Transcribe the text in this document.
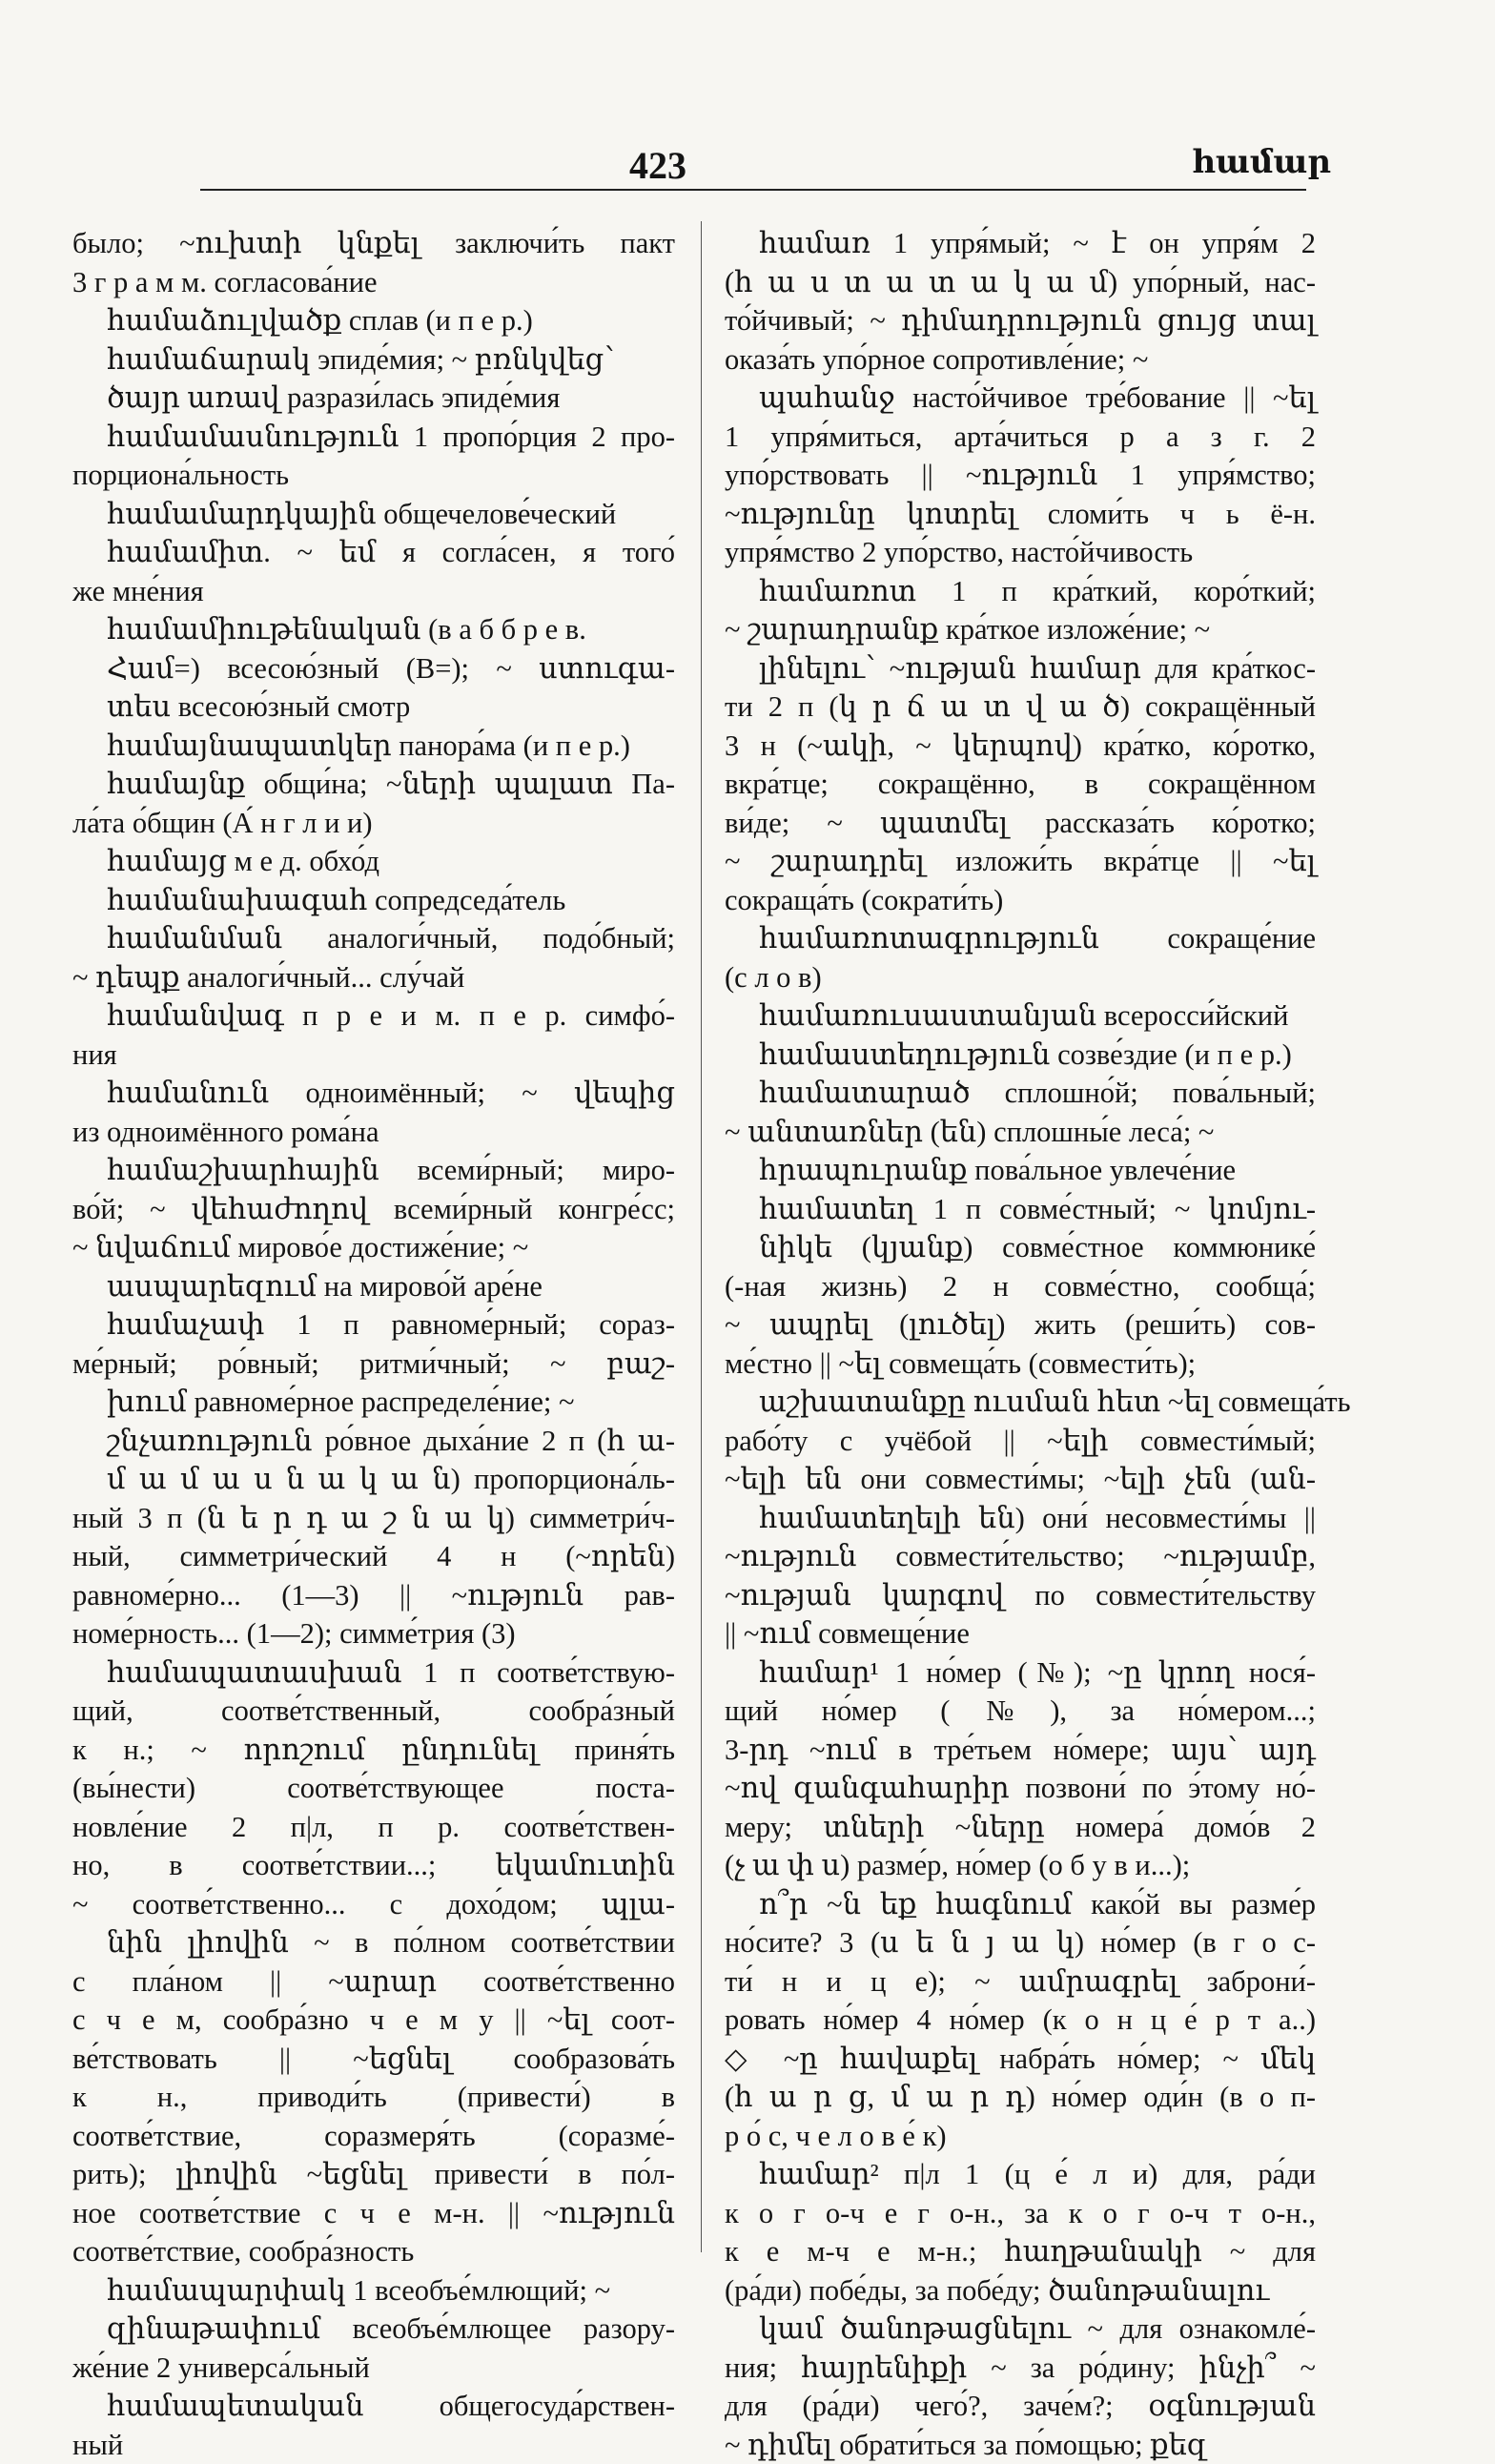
423	համար
было; ~ուխտի կնքել заключи́ть пакт
3 г р а м м. согласова́ние
համաձուլվածք сплав (и п е р.)
համաճարակ эпиде́мия; ~ բռնկվեց՝
ծայր առավ разрази́лась эпиде́мия
համամասնություն 1 пропо́рция 2 про-
порциона́льность
համամարդկային общечелове́ческий
համամիտ. ~ եմ я согла́сен, я того́
же мне́ния
համամիութենական (в а б б р е в.
Համ=) всесою́зный (В=); ~ ստուգա-
տես всесою́зный смотр
համայնապատկեր панора́ма (и п е р.)
համայնք общи́на; ~ների պալատ Па-
ла́та о́бщин (А́ н г л и и)
համայց м е д. обхо́д
համանախագահ сопредседа́тель
համանման аналоги́чный, подо́бный;
~ դեպք аналоги́чный... слу́чай
համանվագ п р е и м. п е р. симфо́-
ния
համանուն одноимённый; ~ վեպից
из одноимённого рома́на
համաշխարհային всеми́рный; миро-
во́й; ~ վեհաժողով всеми́рный конгре́сс;
~ նվաճում мирово́е достиже́ние; ~
ասպարեզում на мирово́й аре́не
համաչափ 1 п равноме́рный; сораз-
ме́рный; ро́вный; ритми́чный; ~ բաշ-
խում равноме́рное распределе́ние; ~
շնչառություն ро́вное дыха́ние 2 п (հ ա-
մ ա մ ա ս ն ա կ ա ն) пропорциона́ль-
ный 3 п (ն ե ր դ ա շ ն ա կ) симметри́ч-
ный, симметри́ческий 4 н (~որեն)
равноме́рно... (1—3) || ~ություն рав-
номе́рность... (1—2); симме́трия (3)
համապատասխան 1 п соотве́тствую-
щий, соотве́тственный, сообра́зный
к н.; ~ որոշում ընդունել приня́ть
(вы́нести) соотве́тствующее поста-
новле́ние 2 п|л, п р. соотве́тствен-
но, в соотве́тствии...; եկամուտին
~ соотве́тственно... с дохо́дом; պլա-
նին լիովին ~ в по́лном соотве́тствии
с пла́ном || ~արար соотве́тственно
с ч е м, сообра́зно ч е м у || ~ել соот-
ве́тствовать || ~եցնել сообразова́ть
к н., приводи́ть (привести́) в
соотве́тствие, соразмеря́ть (соразме́-
рить); լիովին ~եցնել привести́ в по́л-
ное соотве́тствие с ч е м-н. || ~ություն
соотве́тствие, сообра́зность
համապարփակ 1 всеобъе́млющий; ~
զինաթափում всеобъе́млющее разору-
же́ние 2 универса́льный
համապետական общегосуда́рствен-
ный
համառ 1 упря́мый; ~ է он упря́м 2
(հ ա ս տ ա տ ա կ ա մ) упо́рный, нас-
то́йчивый; ~ դիմադրություն ցույց տալ
оказа́ть упо́рное сопротивле́ние; ~
պահանջ насто́йчивое тре́бование || ~ել
1 упря́миться, арта́читься р а з г. 2
упо́рствовать || ~ություն 1 упря́мство;
~ությունը կոտրել сломи́ть ч ь ё-н.
упря́мство 2 упо́рство, насто́йчивость
համառոտ 1 п кра́ткий, коро́ткий;
~ շարադրանք кра́ткое изложе́ние; ~
լինելու՝ ~ության համար для кра́ткос-
ти 2 п (կ ր ճ ա տ վ ա ծ) сокращённый
3 н (~ակի, ~ կերպով) кра́тко, ко́ротко,
вкра́тце; сокращённо, в сокращённом
ви́де; ~ պատմել рассказа́ть ко́ротко;
~ շարադրել изложи́ть вкра́тце || ~ել
сокраща́ть (сократи́ть)
համառոտագրություն сокраще́ние
(с л о в)
համառուսաստանյան всеросси́йский
համաստեղություն созве́здие (и п е р.)
համատարած сплошно́й; пова́льный;
~ անտառներ (են) сплошны́е леса́; ~
հրապուրանք пова́льное увлече́ние
համատեղ 1 п совме́стный; ~ կոմյու-
նիկե (կյանք) совме́стное коммюнике́
(-ная жизнь) 2 н совме́стно, сообща́;
~ ապրել (լուծել) жить (реши́ть) сов-
ме́стно || ~ել совмеща́ть (совмести́ть);
աշխատանքը ուսման հետ ~ել совмеща́ть
рабо́ту с учёбой || ~ելի совмести́мый;
~ելի են они совмести́мы; ~ելի չեն (ան-
համատեղելի են) они́ несовмести́мы ||
~ություն совмести́тельство; ~ությամբ,
~ության կարգով по совмести́тельству
|| ~ում совмеще́ние
համար¹ 1 но́мер (№); ~ը կրող нося́-
щий но́мер (№), за но́мером...;
3-րդ ~ում в тре́тьем но́мере; այս՝ այդ
~ով զանգահարիր позвони́ по э́тому но́-
меру; տների ~ները номера́ домо́в 2
(չ ա փ ս) разме́р, но́мер (о б у в и...);
ո՞ր ~ն եք հագնում како́й вы разме́р
но́сите? 3 (ս ե ն յ ա կ) но́мер (в г о с-
ти́ н и ц е); ~ ամրագրել заброни́-
ровать но́мер 4 но́мер (к о н ц е́ р т а..)
◇ ~ը հավաքել набра́ть но́мер; ~ մեկ
(հ ա ր ց, մ ա ր դ) но́мер оди́н (в о п-
р о́ с, ч е л о в е́ к)
համար² п|л 1 (ц е́ л и) для, ра́ди
к о г о-ч е г о-н., за к о г о-ч т о-н.,
к е м-ч е м-н.; հաղթանակի ~ для
(ра́ди) побе́ды, за побе́ду; ծանոթանալու
կամ ծանոթացնելու ~ для ознакомле́-
ния; հայրենիքի ~ за ро́дину; ինչի՞ ~
для (ра́ди) чего́?, заче́м?; օգնության
~ դիմել обрати́ться за по́мощью; քեզ
